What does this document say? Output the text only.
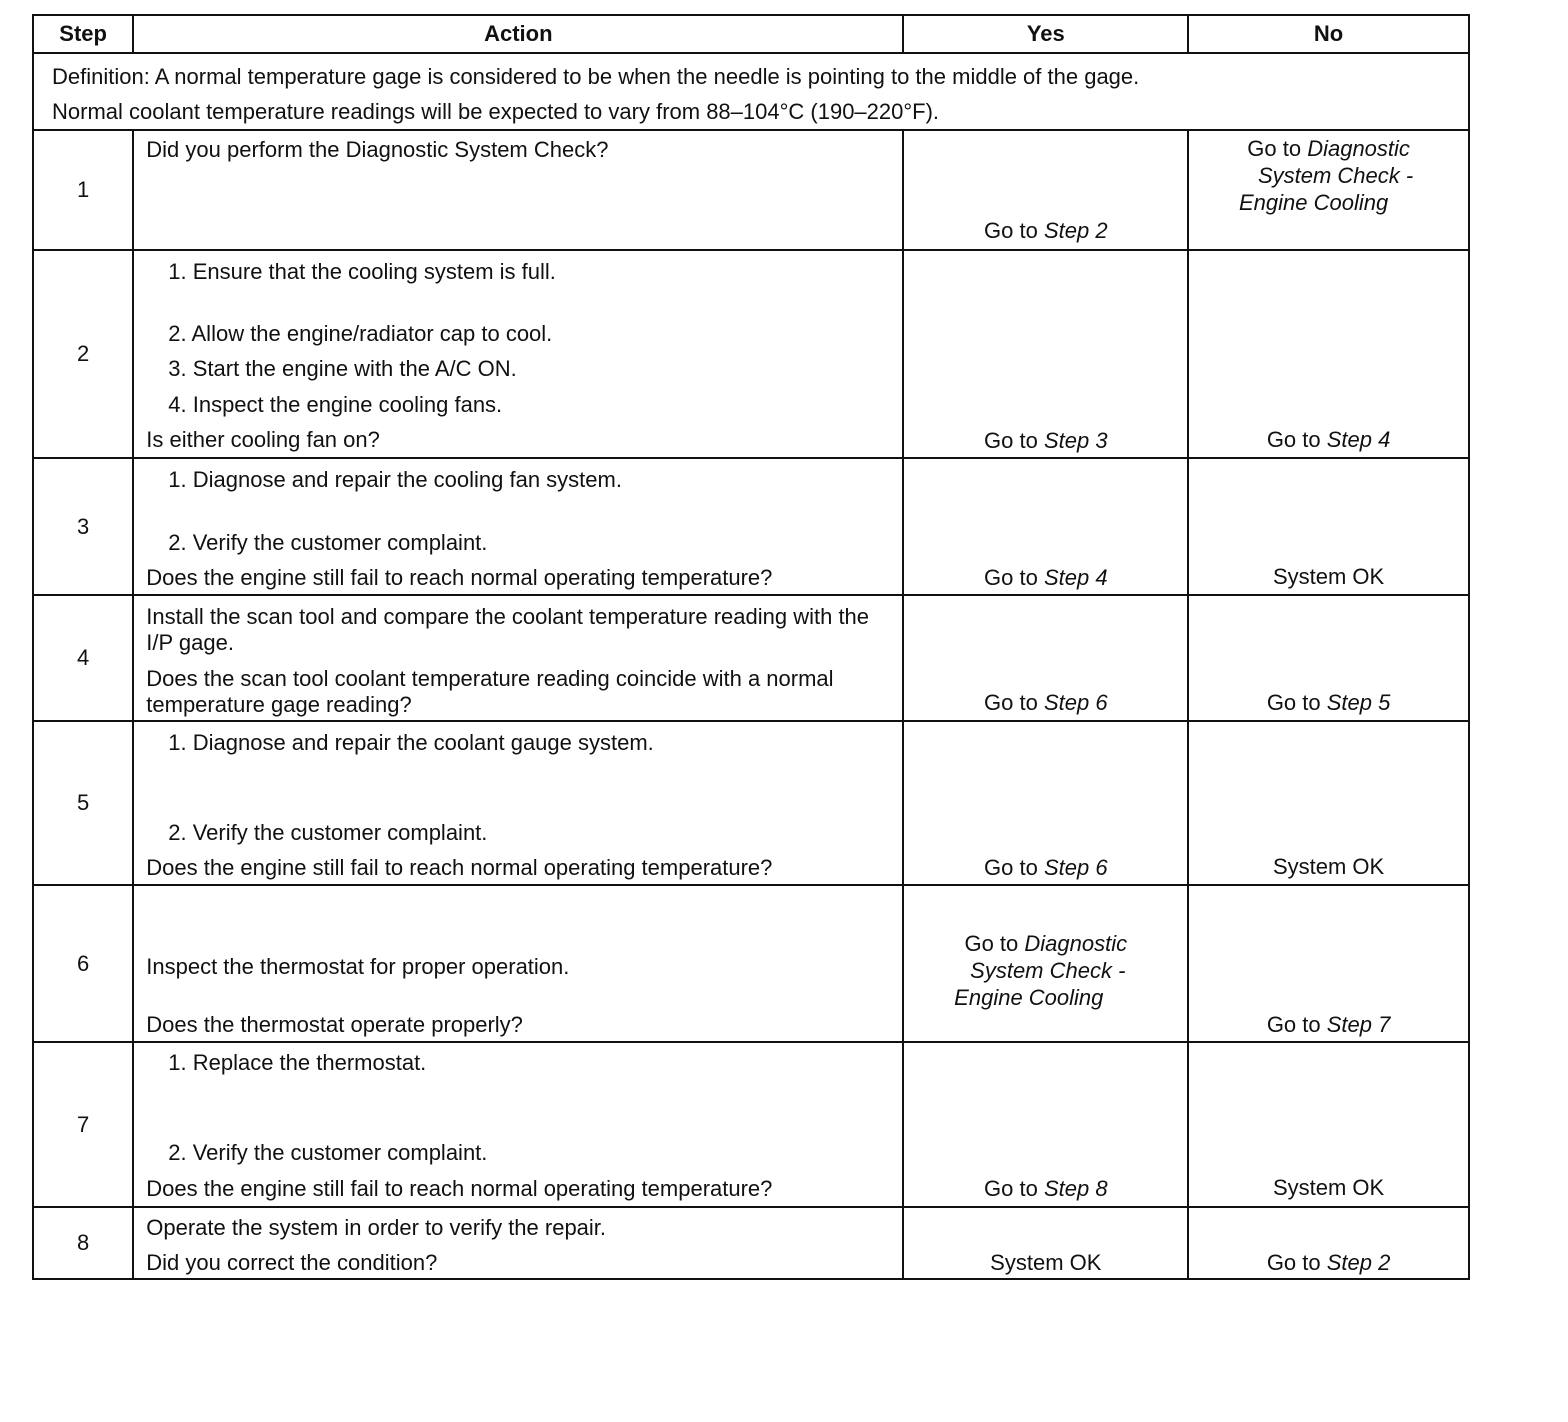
Step	Action	Yes	No

Definition: A normal temperature gage is considered to be when the needle is pointing to the middle of the gage.
Normal coolant temperature readings will be expected to vary from 88–104°C (190–220°F).			

1	Did you perform the Diagnostic System Check?	Go to Step 2	Go to Diagnostic
System Check -
Engine Cooling

2	1. Ensure that the cooling system is full.
2. Allow the engine/radiator cap to cool.
3. Start the engine with the A/C ON.
4. Inspect the engine cooling fans.
Is either cooling fan on?	Go to Step 3	Go to Step 4

3	1. Diagnose and repair the cooling fan system.
2. Verify the customer complaint.
Does the engine still fail to reach normal operating temperature?	Go to Step 4	System OK

4	Install the scan tool and compare the coolant temperature reading with the I/P gage.
Does the scan tool coolant temperature reading coincide with a normal temperature gage reading?	Go to Step 6	Go to Step 5

5	1. Diagnose and repair the coolant gauge system.
2. Verify the customer complaint.
Does the engine still fail to reach normal operating temperature?	Go to Step 6	System OK

6	Inspect the thermostat for proper operation.
Does the thermostat operate properly?	Go to Diagnostic
System Check -
Engine Cooling	Go to Step 7

7	1. Replace the thermostat.
2. Verify the customer complaint.
Does the engine still fail to reach normal operating temperature?	Go to Step 8	System OK

8	Operate the system in order to verify the repair.
Did you correct the condition?	System OK	Go to Step 2
